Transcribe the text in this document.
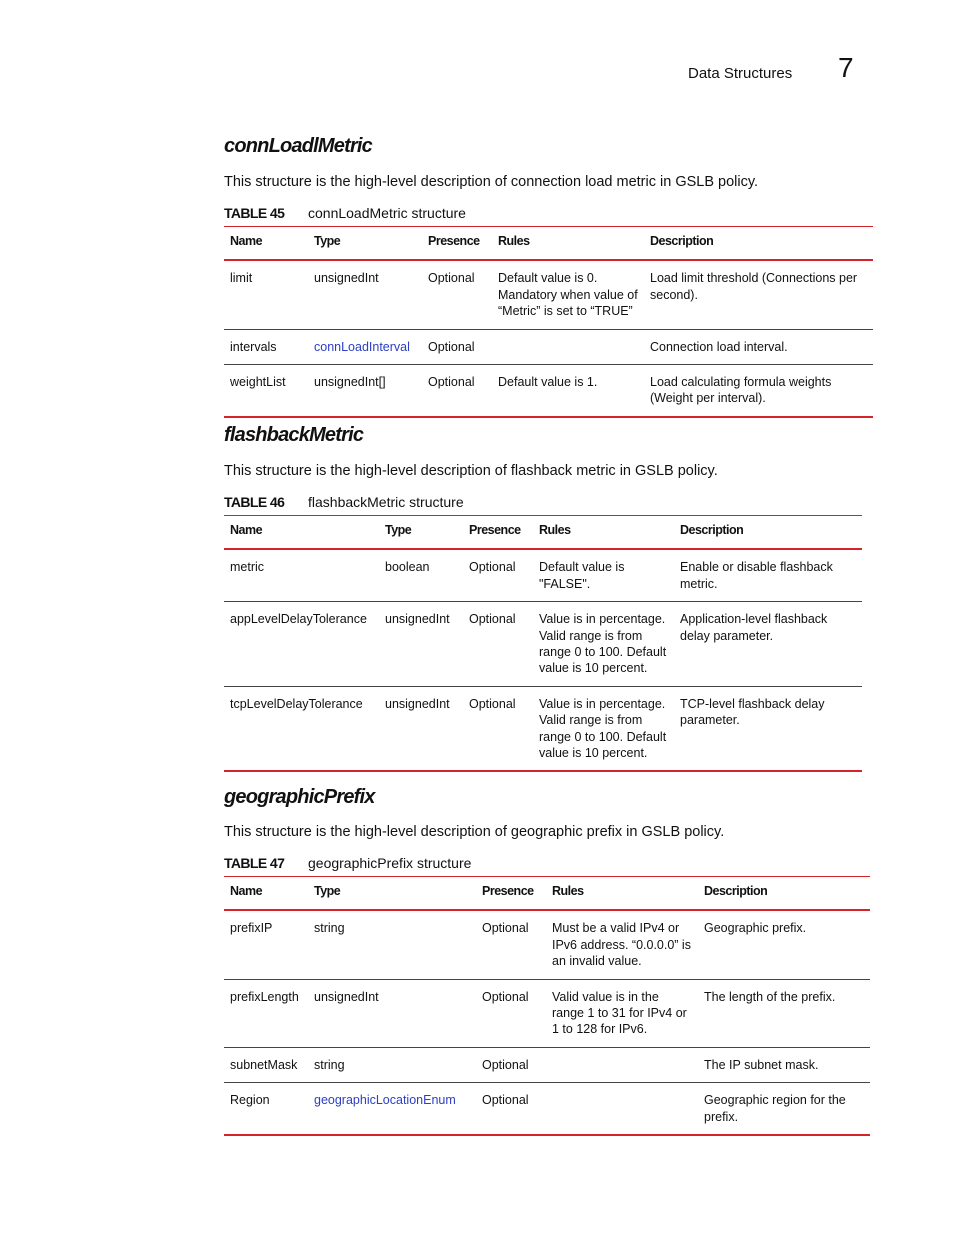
Data Structures 7
connLoadlMetric

This structure is the high-level description of connection load metric in GSLB policy.

TABLE 45 connLoadMetric structure
Name	Type	Presence	Rules	Description
limit	unsignedInt	Optional	Default value is 0. Mandatory when value of “Metric” is set to “TRUE”	Load limit threshold (Connections per second).
intervals	connLoadInterval	Optional		Connection load interval.
weightList	unsignedInt[]	Optional	Default value is 1.	Load calculating formula weights (Weight per interval).
flashbackMetric

This structure is the high-level description of flashback metric in GSLB policy.

TABLE 46 flashbackMetric structure
Name	Type	Presence	Rules	Description
metric	boolean	Optional	Default value is "FALSE".	Enable or disable flashback metric.
appLevelDelayTolerance	unsignedInt	Optional	Value is in percentage. Valid range is from range 0 to 100. Default value is 10 percent.	Application-level flashback delay parameter.
tcpLevelDelayTolerance	unsignedInt	Optional	Value is in percentage. Valid range is from range 0 to 100. Default value is 10 percent.	TCP-level flashback delay parameter.
geographicPrefix

This structure is the high-level description of geographic prefix in GSLB policy.

TABLE 47 geographicPrefix structure
Name	Type	Presence	Rules	Description
prefixIP	string	Optional	Must be a valid IPv4 or IPv6 address. “0.0.0.0” is an invalid value.	Geographic prefix.
prefixLength	unsignedInt	Optional	Valid value is in the range 1 to 31 for IPv4 or 1 to 128 for IPv6.	The length of the prefix.
subnetMask	string	Optional		The IP subnet mask.
Region	geographicLocationEnum	Optional		Geographic region for the prefix.
